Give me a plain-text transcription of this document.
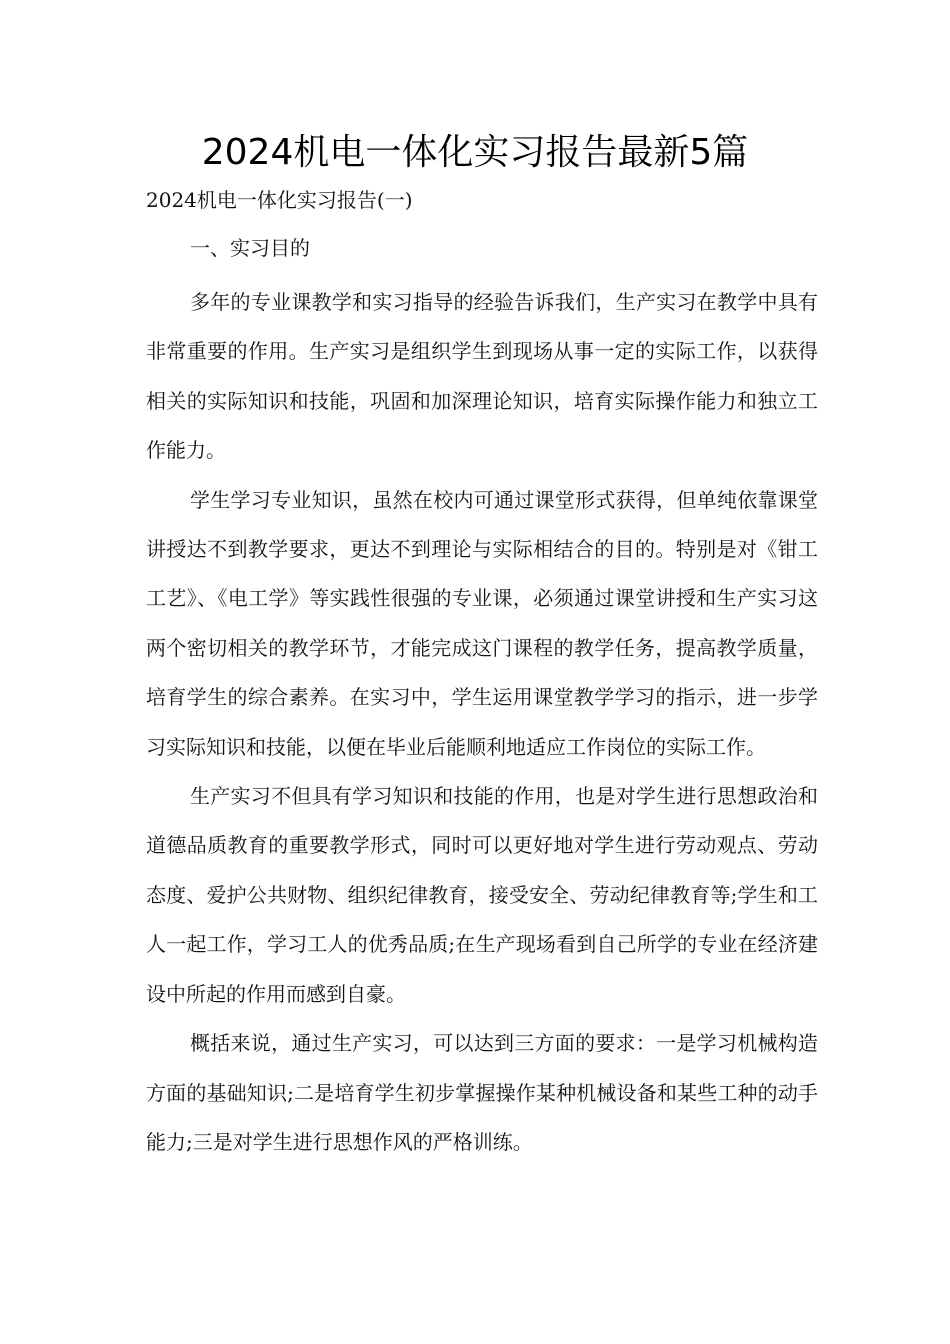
2024机电一体化实习报告最新5篇

2024机电一体化实习报告(一)

一、实习目的

多年的专业课教学和实习指导的经验告诉我们，生产实习在教学中具有非常重要的作用。生产实习是组织学生到现场从事一定的实际工作，以获得相关的实际知识和技能，巩固和加深理论知识，培育实际操作能力和独立工作能力。

学生学习专业知识，虽然在校内可通过课堂形式获得，但单纯依靠课堂讲授达不到教学要求，更达不到理论与实际相结合的目的。特别是对《钳工工艺》、《电工学》等实践性很强的专业课，必须通过课堂讲授和生产实习这两个密切相关的教学环节，才能完成这门课程的教学任务，提高教学质量，培育学生的综合素养。在实习中，学生运用课堂教学学习的指示，进一步学习实际知识和技能，以便在毕业后能顺利地适应工作岗位的实际工作。

生产实习不但具有学习知识和技能的作用，也是对学生进行思想政治和道德品质教育的重要教学形式，同时可以更好地对学生进行劳动观点、劳动态度、爱护公共财物、组织纪律教育，接受安全、劳动纪律教育等;学生和工人一起工作，学习工人的优秀品质;在生产现场看到自己所学的专业在经济建设中所起的作用而感到自豪。

概括来说，通过生产实习，可以达到三方面的要求：一是学习机械构造方面的基础知识;二是培育学生初步掌握操作某种机械设备和某些工种的动手能力;三是对学生进行思想作风的严格训练。
